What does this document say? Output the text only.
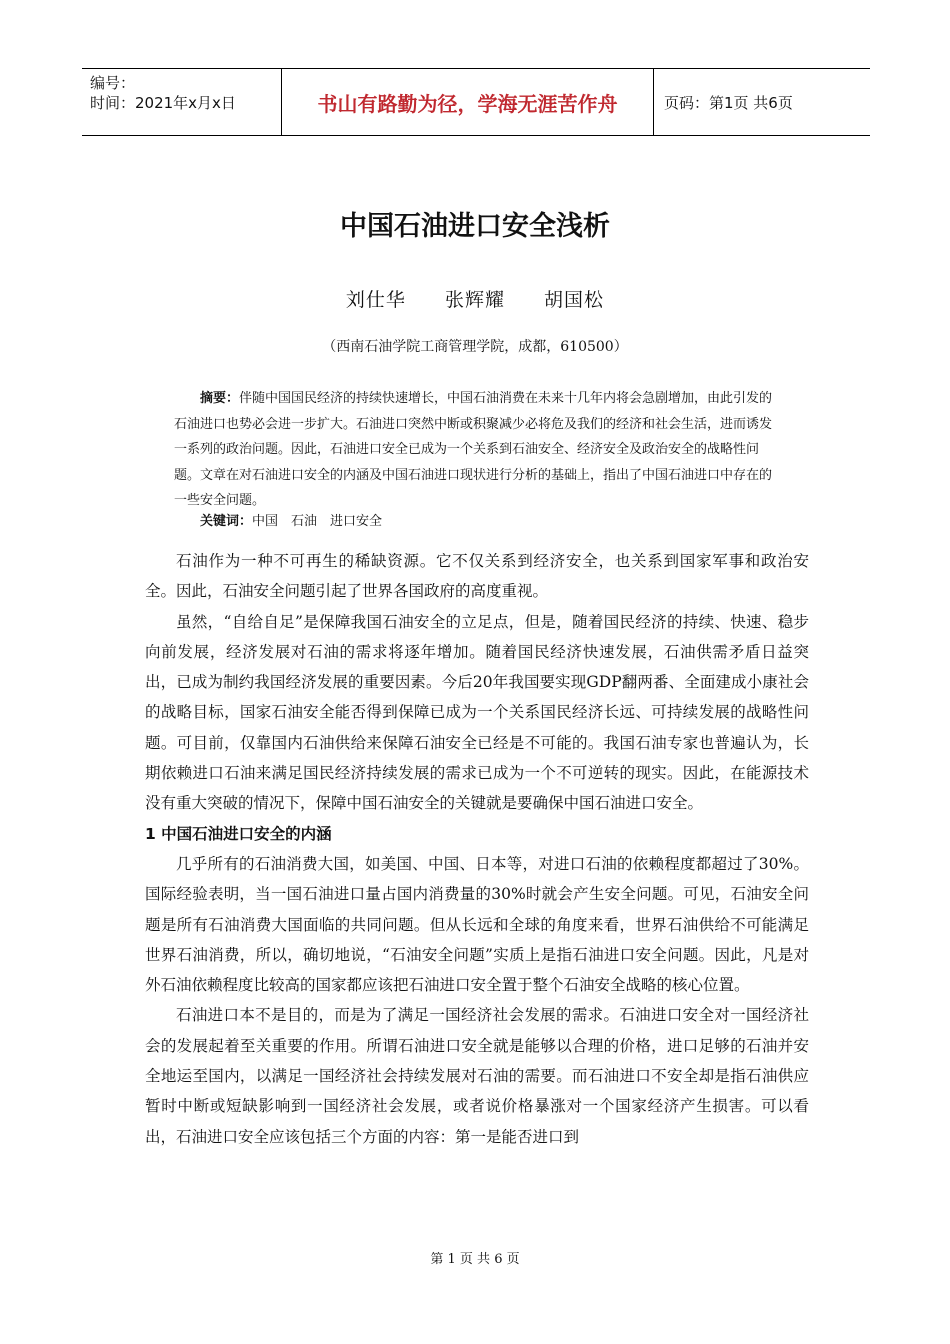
编号：
时间：2021年x月x日	书山有路勤为径，学海无涯苦作舟	页码：第1页 共6页
中国石油进口安全浅析
刘仕华 张辉耀 胡国松
（西南石油学院工商管理学院，成都，610500）
摘要：伴随中国国民经济的持续快速增长，中国石油消费在未来十几年内将会急剧增加，由此引发的石油进口也势必会进一步扩大。石油进口突然中断或积聚减少必将危及我们的经济和社会生活，进而诱发一系列的政治问题。因此，石油进口安全已成为一个关系到石油安全、经济安全及政治安全的战略性问题。文章在对石油进口安全的内涵及中国石油进口现状进行分析的基础上，指出了中国石油进口中存在的一些安全问题。
关键词：中国　石油　进口安全

石油作为一种不可再生的稀缺资源。它不仅关系到经济安全，也关系到国家军事和政治安全。因此，石油安全问题引起了世界各国政府的高度重视。

虽然，“自给自足”是保障我国石油安全的立足点，但是，随着国民经济的持续、快速、稳步向前发展，经济发展对石油的需求将逐年增加。随着国民经济快速发展，石油供需矛盾日益突出，已成为制约我国经济发展的重要因素。今后20年我国要实现GDP翻两番、全面建成小康社会的战略目标，国家石油安全能否得到保障已成为一个关系国民经济长远、可持续发展的战略性问题。可目前，仅靠国内石油供给来保障石油安全已经是不可能的。我国石油专家也普遍认为，长期依赖进口石油来满足国民经济持续发展的需求已成为一个不可逆转的现实。因此，在能源技术没有重大突破的情况下，保障中国石油安全的关键就是要确保中国石油进口安全。

1 中国石油进口安全的内涵

几乎所有的石油消费大国，如美国、中国、日本等，对进口石油的依赖程度都超过了30%。国际经验表明，当一国石油进口量占国内消费量的30%时就会产生安全问题。可见，石油安全问题是所有石油消费大国面临的共同问题。但从长远和全球的角度来看，世界石油供给不可能满足世界石油消费，所以，确切地说，“石油安全问题”实质上是指石油进口安全问题。因此，凡是对外石油依赖程度比较高的国家都应该把石油进口安全置于整个石油安全战略的核心位置。

石油进口本不是目的，而是为了满足一国经济社会发展的需求。石油进口安全对一国经济社会的发展起着至关重要的作用。所谓石油进口安全就是能够以合理的价格，进口足够的石油并安全地运至国内，以满足一国经济社会持续发展对石油的需要。而石油进口不安全却是指石油供应暂时中断或短缺影响到一国经济社会发展，或者说价格暴涨对一个国家经济产生损害。可以看出，石油进口安全应该包括三个方面的内容：第一是能否进口到

第 1 页 共 6 页
